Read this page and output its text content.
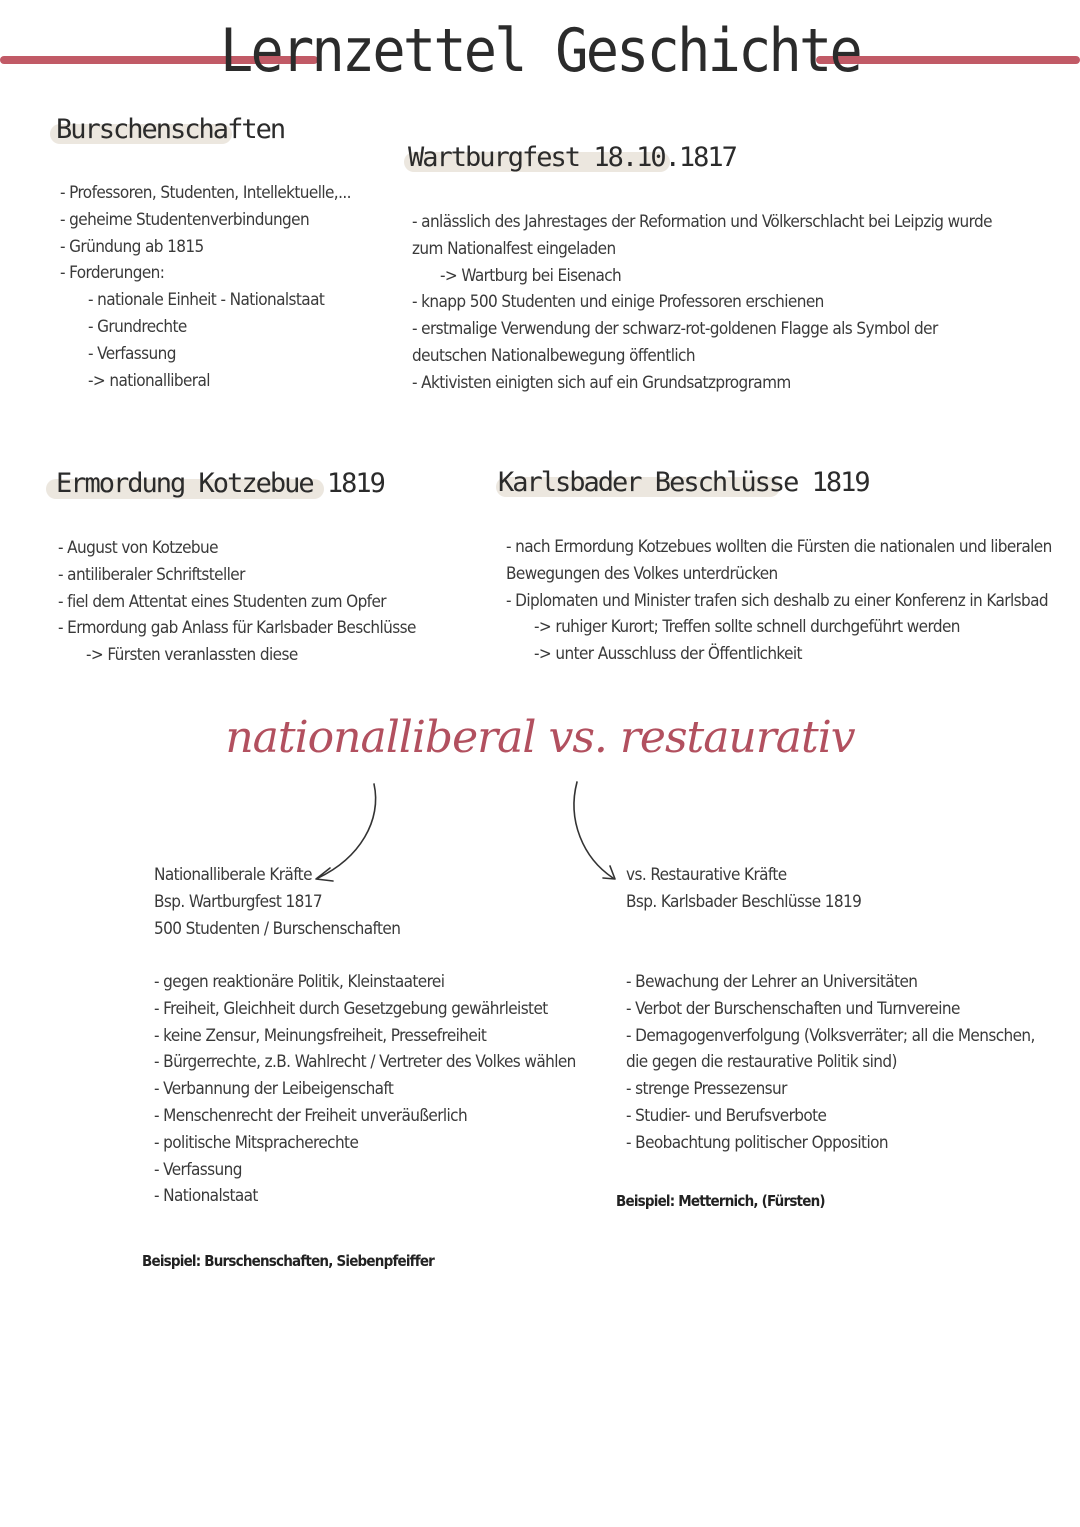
Lernzettel Geschichte
Burschenschaften
- Professoren, Studenten, Intellektuelle,...
- geheime Studentenverbindungen
- Gründung ab 1815
- Forderungen:
- nationale Einheit - Nationalstaat
- Grundrechte
- Verfassung
-> nationalliberal
Wartburgfest 18.10.1817
- anlässlich des Jahrestages der Reformation und Völkerschlacht bei Leipzig wurde
zum Nationalfest eingeladen
-> Wartburg bei Eisenach
- knapp 500 Studenten und einige Professoren erschienen
- erstmalige Verwendung der schwarz-rot-goldenen Flagge als Symbol der
deutschen Nationalbewegung öffentlich
- Aktivisten einigten sich auf ein Grundsatzprogramm
Ermordung Kotzebue 1819
- August von Kotzebue
- antiliberaler Schriftsteller
- fiel dem Attentat eines Studenten zum Opfer
- Ermordung gab Anlass für Karlsbader Beschlüsse
-> Fürsten veranlassten diese
Karlsbader Beschlüsse 1819
- nach Ermordung Kotzebues wollten die Fürsten die nationalen und liberalen
Bewegungen des Volkes unterdrücken
- Diplomaten und Minister trafen sich deshalb zu einer Konferenz in Karlsbad
-> ruhiger Kurort; Treffen sollte schnell durchgeführt werden
-> unter Ausschluss der Öffentlichkeit
nationalliberal vs. restaurativ
Nationalliberale Kräfte
Bsp. Wartburgfest 1817
500 Studenten / Burschenschaften
- gegen reaktionäre Politik, Kleinstaaterei
- Freiheit, Gleichheit durch Gesetzgebung gewährleistet
- keine Zensur, Meinungsfreiheit, Pressefreiheit
- Bürgerrechte, z.B. Wahlrecht / Vertreter des Volkes wählen
- Verbannung der Leibeigenschaft
- Menschenrecht der Freiheit unveräußerlich
- politische Mitspracherechte
- Verfassung
- Nationalstaat
Beispiel: Burschenschaften, Siebenpfeiffer
vs. Restaurative Kräfte
Bsp. Karlsbader Beschlüsse 1819
- Bewachung der Lehrer an Universitäten
- Verbot der Burschenschaften und Turnvereine
- Demagogenverfolgung (Volksverräter; all die Menschen,
die gegen die restaurative Politik sind)
- strenge Pressezensur
- Studier- und Berufsverbote
- Beobachtung politischer Opposition
Beispiel: Metternich, (Fürsten)
